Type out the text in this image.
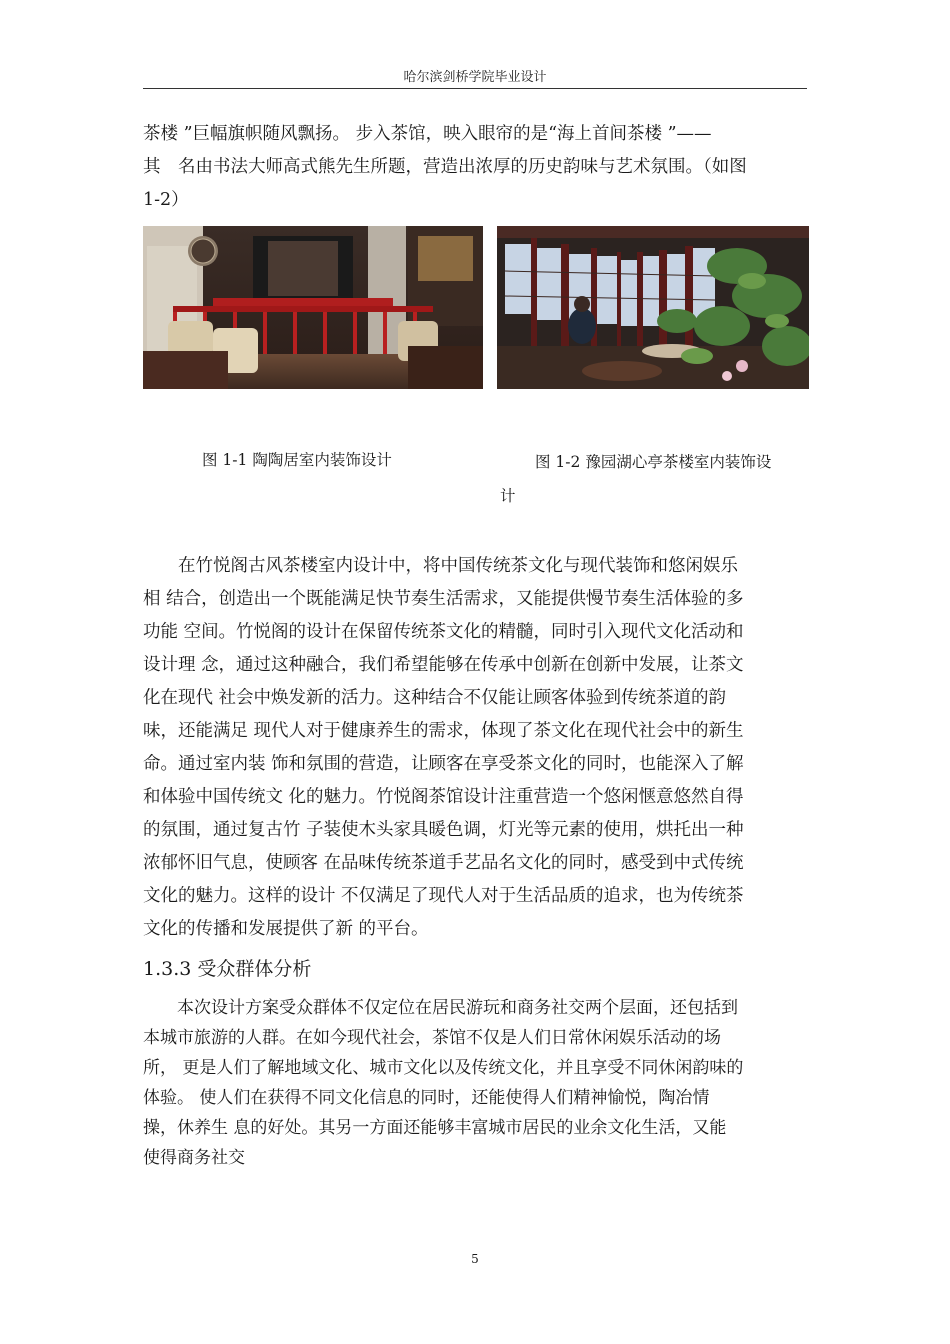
哈尔滨剑桥学院毕业设计

茶楼 ”巨幅旗帜随风飘扬。 步入茶馆，映入眼帘的是“海上首间茶楼 ”——
其　名由书法大师高式熊先生所题，营造出浓厚的历史韵味与艺术氛围。（如图
1-2）

图 1-1 陶陶居室内装饰设计	图 1-2 豫园湖心亭茶楼室内装饰设
计

　　在竹悦阁古风茶楼室内设计中，将中国传统茶文化与现代装饰和悠闲娱乐
相 结合，创造出一个既能满足快节奏生活需求，又能提供慢节奏生活体验的多
功能 空间。竹悦阁的设计在保留传统茶文化的精髓，同时引入现代文化活动和
设计理 念，通过这种融合，我们希望能够在传承中创新在创新中发展，让茶文
化在现代 社会中焕发新的活力。这种结合不仅能让顾客体验到传统茶道的韵
味，还能满足 现代人对于健康养生的需求，体现了茶文化在现代社会中的新生
命。通过室内装 饰和氛围的营造，让顾客在享受茶文化的同时，也能深入了解
和体验中国传统文 化的魅力。竹悦阁茶馆设计注重营造一个悠闲惬意悠然自得
的氛围，通过复古竹 子装使木头家具暖色调，灯光等元素的使用，烘托出一种
浓郁怀旧气息，使顾客 在品味传统茶道手艺品名文化的同时，感受到中式传统
文化的魅力。这样的设计 不仅满足了现代人对于生活品质的追求，也为传统茶
文化的传播和发展提供了新 的平台。

1.3.3 受众群体分析

　　本次设计方案受众群体不仅定位在居民游玩和商务社交两个层面，还包括到
本城市旅游的人群。在如今现代社会，茶馆不仅是人们日常休闲娱乐活动的场
所， 更是人们了解地域文化、城市文化以及传统文化，并且享受不同休闲韵味的
体验。 使人们在获得不同文化信息的同时，还能使得人们精神愉悦，陶冶情
操，休养生 息的好处。其另一方面还能够丰富城市居民的业余文化生活，又能
使得商务社交

5
